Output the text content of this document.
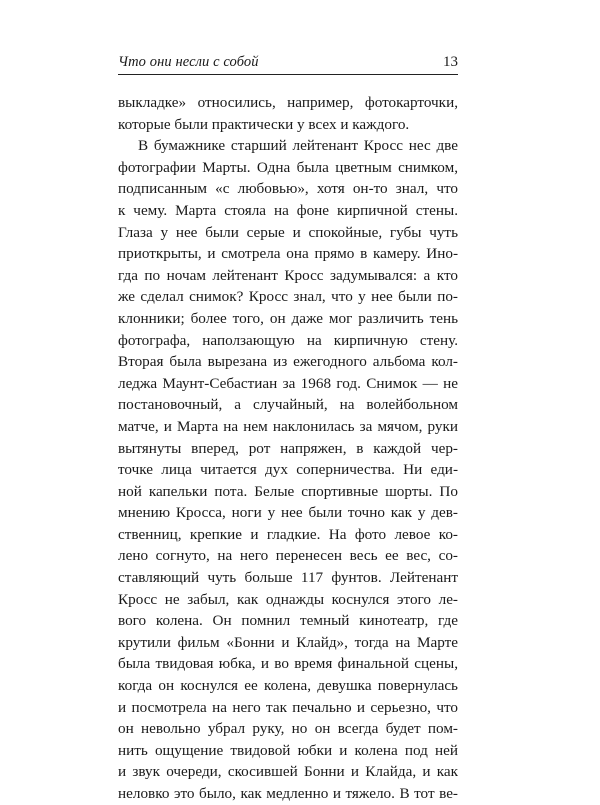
Что они несли с собой	13
выкладке» относились, например, фотокарточки,
которые были практически у всех и каждого.
В бумажнике старший лейтенант Кросс нес две
фотографии Марты. Одна была цветным снимком,
подписанным «с любовью», хотя он-то знал, что
к чему. Марта стояла на фоне кирпичной стены.
Глаза у нее были серые и спокойные, губы чуть
приоткрыты, и смотрела она прямо в камеру. Ино-
гда по ночам лейтенант Кросс задумывался: а кто
же сделал снимок? Кросс знал, что у нее были по-
клонники; более того, он даже мог различить тень
фотографа, наползающую на кирпичную стену.
Вторая была вырезана из ежегодного альбома кол-
леджа Маунт-Себастиан за 1968 год. Снимок — не
постановочный, а случайный, на волейбольном
матче, и Марта на нем наклонилась за мячом, руки
вытянуты вперед, рот напряжен, в каждой чер-
точке лица читается дух соперничества. Ни еди-
ной капельки пота. Белые спортивные шорты. По
мнению Кросса, ноги у нее были точно как у дев-
ственниц, крепкие и гладкие. На фото левое ко-
лено согнуто, на него перенесен весь ее вес, со-
ставляющий чуть больше 117 фунтов. Лейтенант
Кросс не забыл, как однажды коснулся этого ле-
вого колена. Он помнил темный кинотеатр, где
крутили фильм «Бонни и Клайд», тогда на Марте
была твидовая юбка, и во время финальной сцены,
когда он коснулся ее колена, девушка повернулась
и посмотрела на него так печально и серьезно, что
он невольно убрал руку, но он всегда будет пом-
нить ощущение твидовой юбки и колена под ней
и звук очереди, скосившей Бонни и Клайда, и как
неловко это было, как медленно и тяжело. В тот ве-
